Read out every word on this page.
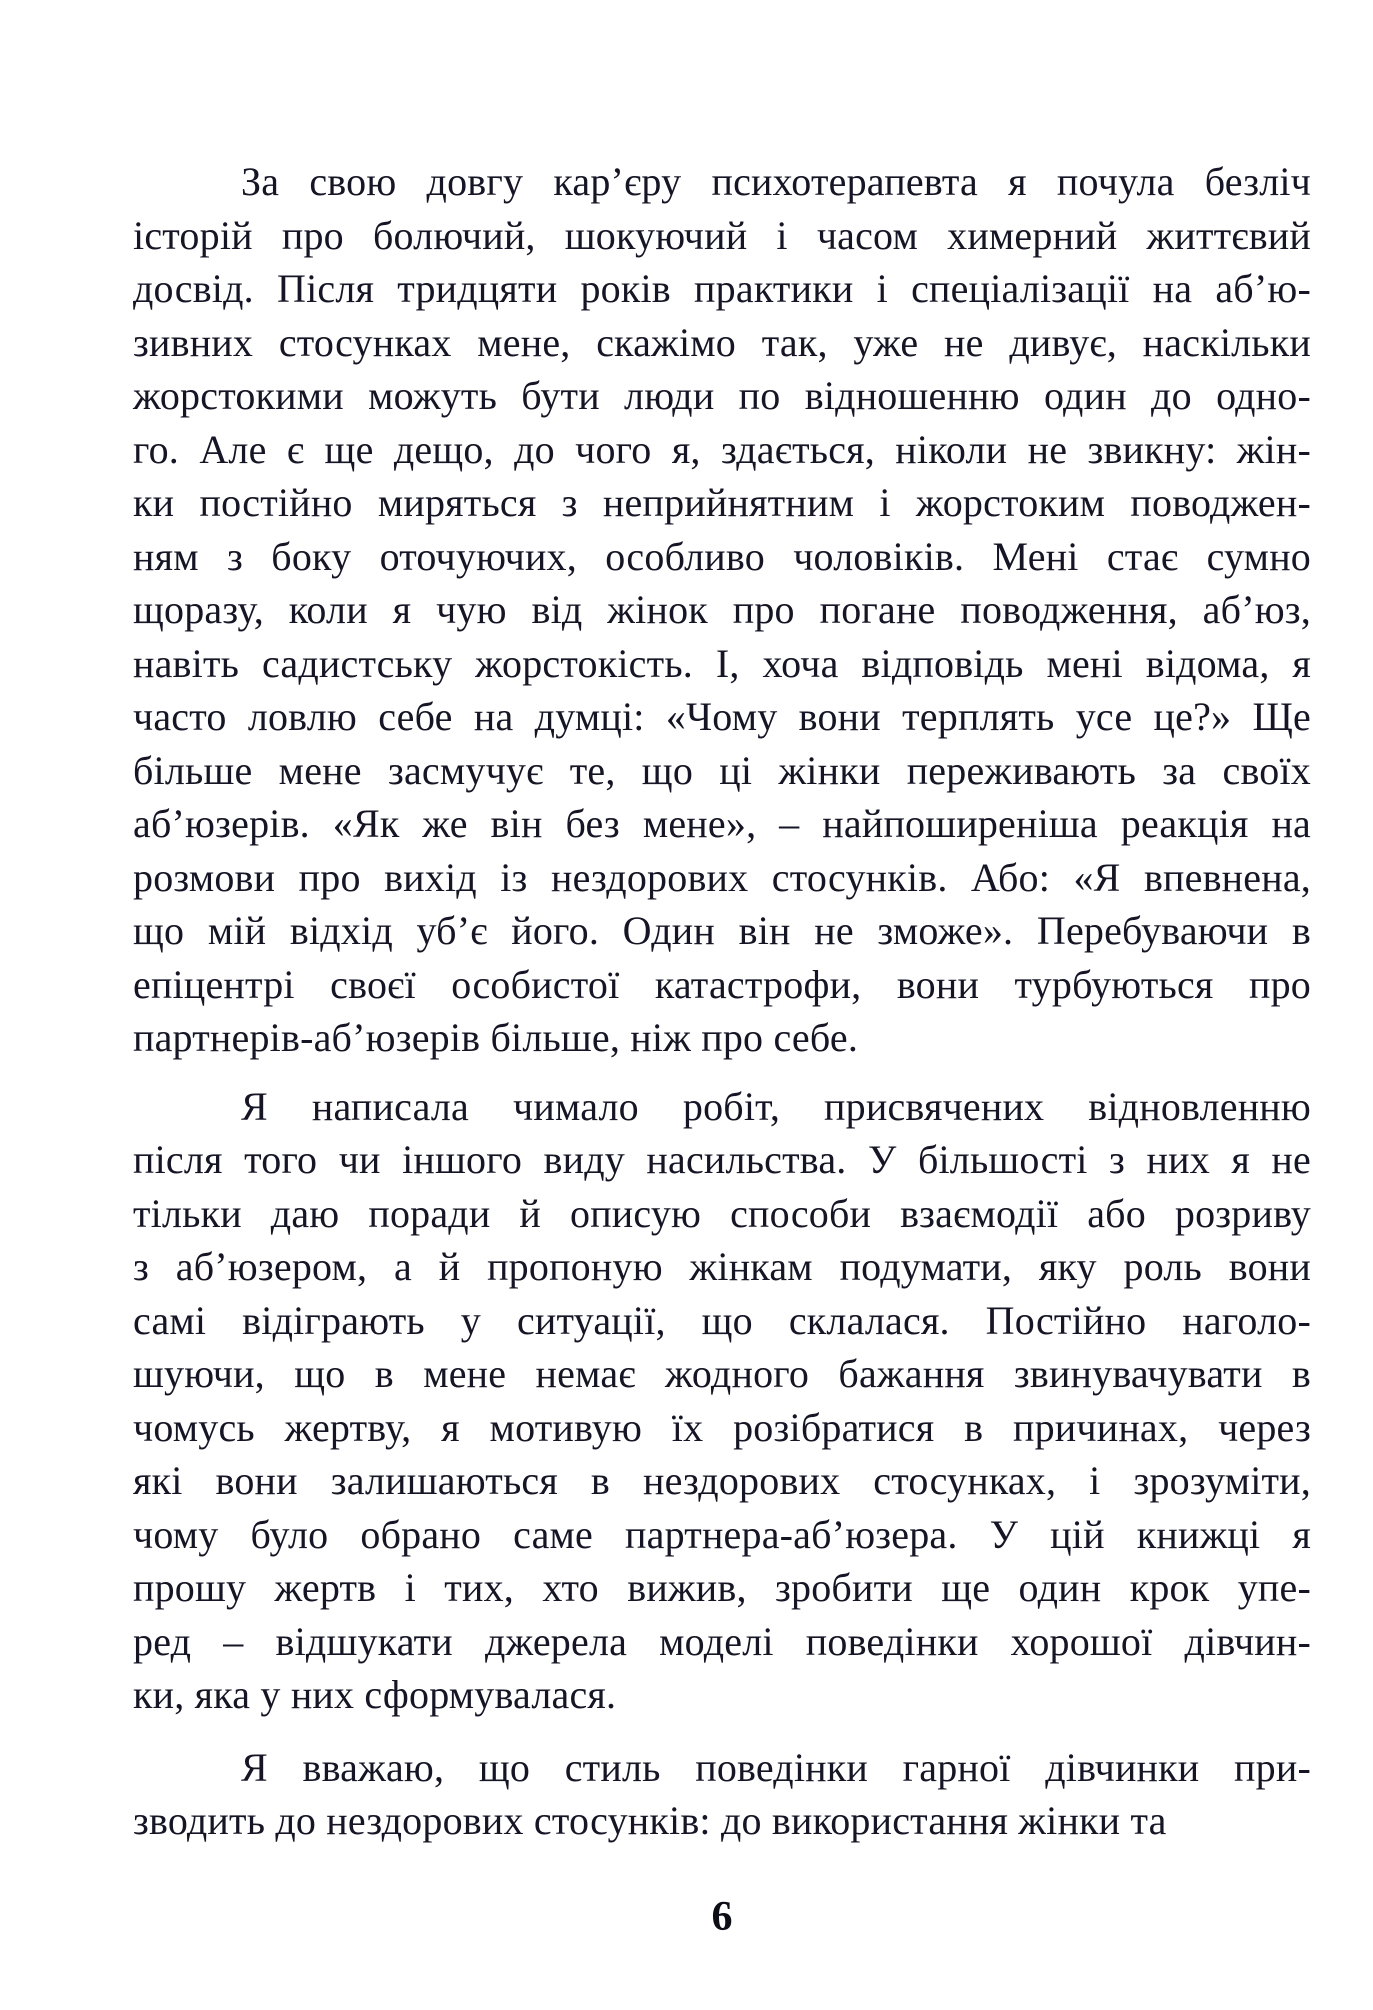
За свою довгу кар’єру психотерапевта я почула безліч
історій про болючий, шокуючий і часом химерний життєвий
досвід. Після тридцяти років практики і спеціалізації на аб’ю-
зивних стосунках мене, скажімо так, уже не дивує, наскільки
жорстокими можуть бути люди по відношенню один до одно-
го. Але є ще дещо, до чого я, здається, ніколи не звикну: жін-
ки постійно миряться з неприйнятним і жорстоким поводжен-
ням з боку оточуючих, особливо чоловіків. Мені стає сумно
щоразу, коли я чую від жінок про погане поводження, аб’юз,
навіть садистську жорстокість. І, хоча відповідь мені відома, я
часто ловлю себе на думці: «Чому вони терплять усе це?» Ще
більше мене засмучує те, що ці жінки переживають за своїх
аб’юзерів. «Як же він без мене», – найпоширеніша реакція на
розмови про вихід із нездорових стосунків. Або: «Я впевнена,
що мій відхід уб’є його. Один він не зможе». Перебуваючи в
епіцентрі своєї особистої катастрофи, вони турбуються про
партнерів-аб’юзерів більше, ніж про себе.
Я написала чимало робіт, присвячених відновленню
після того чи іншого виду насильства. У більшості з них я не
тільки даю поради й описую способи взаємодії або розриву
з аб’юзером, а й пропоную жінкам подумати, яку роль вони
самі відіграють у ситуації, що склалася. Постійно наголо-
шуючи, що в мене немає жодного бажання звинувачувати в
чомусь жертву, я мотивую їх розібратися в причинах, через
які вони залишаються в нездорових стосунках, і зрозуміти,
чому було обрано саме партнера-аб’юзера. У цій книжці я
прошу жертв і тих, хто вижив, зробити ще один крок упе-
ред – відшукати джерела моделі поведінки хорошої дівчин-
ки, яка у них сформувалася.
Я вважаю, що стиль поведінки гарної дівчинки при-
зводить до нездорових стосунків: до використання жінки та
6
